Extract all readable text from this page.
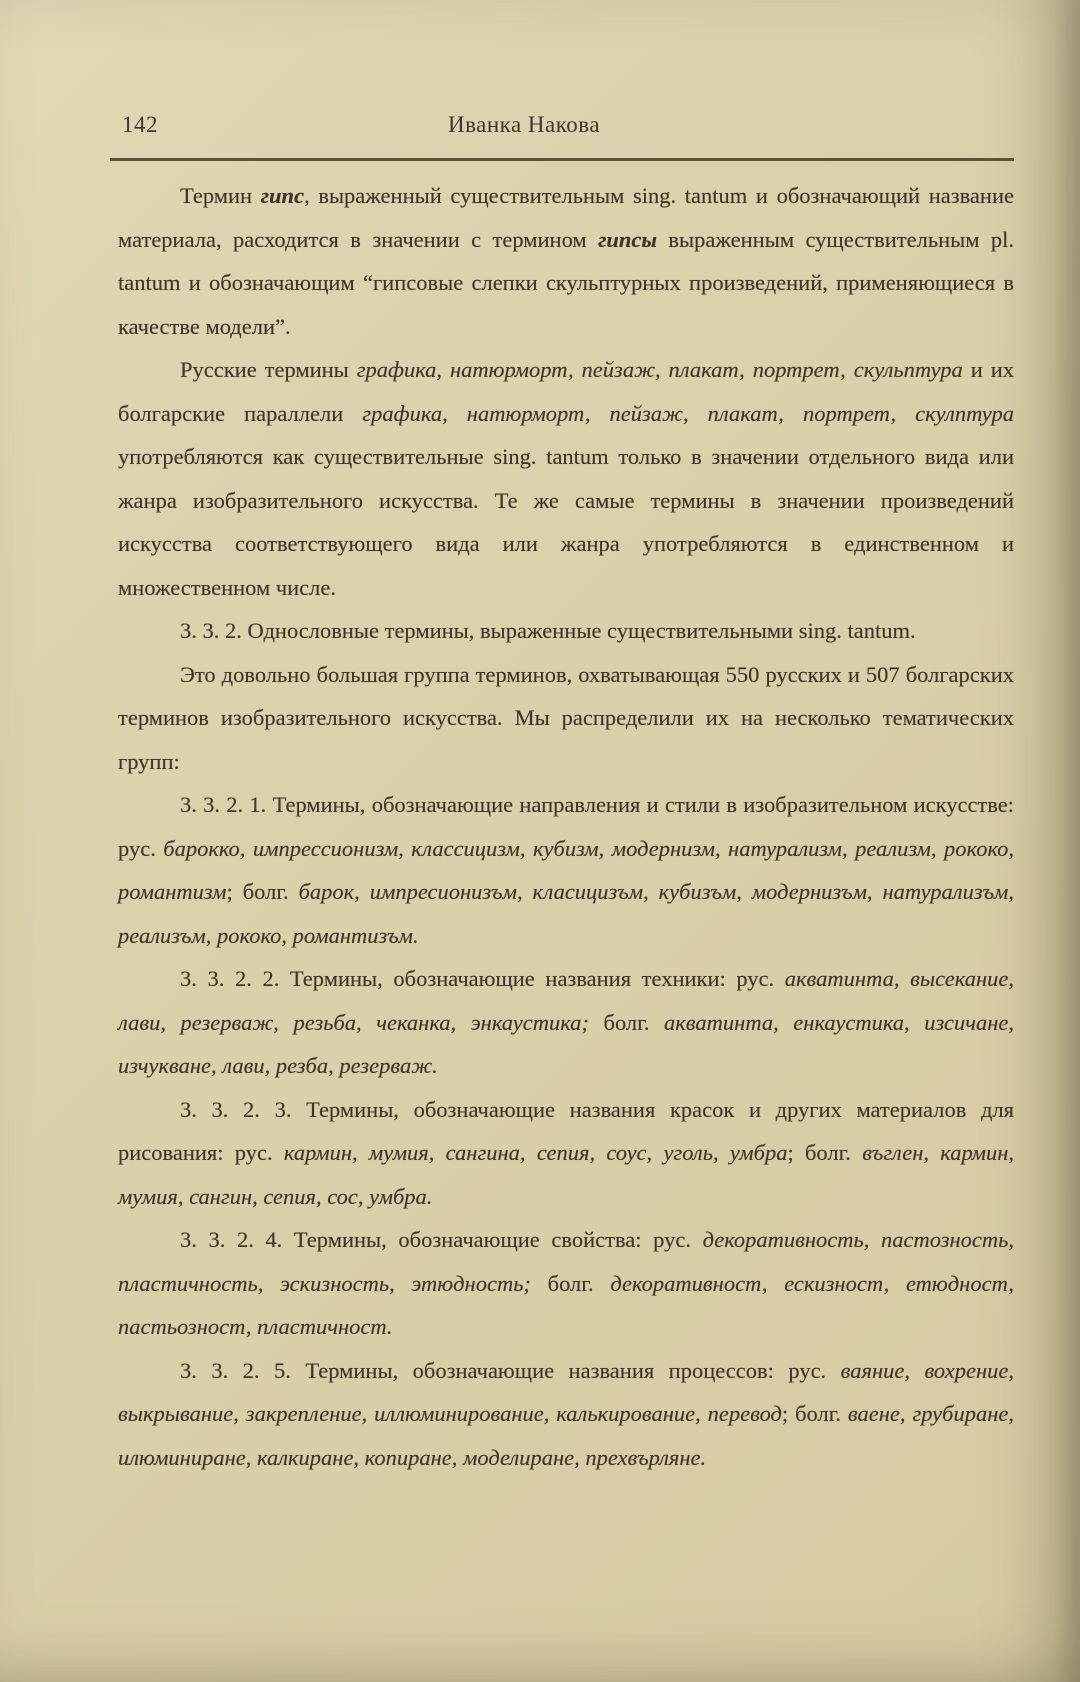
142	Иванка Накова

Термин гипс, выраженный существительным sing. tantum и обозначающий название материала, расходится в значении с термином гипсы выраженным существительным pl. tantum и обозначающим “гипсовые слепки скульптурных произведений, применяющиеся в качестве модели”.

Русские термины графика, натюрморт, пейзаж, плакат, портрет, скульптура и их болгарские параллели графика, натюрморт, пейзаж, плакат, портрет, скулптура употребляются как существительные sing. tantum только в значении отдельного вида или жанра изобразительного искусства. Те же самые термины в значении произведений искусства соответствующего вида или жанра употребляются в единственном и множественном числе.

3. 3. 2. Однословные термины, выраженные существительными sing. tantum.

Это довольно большая группа терминов, охватывающая 550 русских и 507 болгарских терминов изобразительного искусства. Мы распределили их на несколько тематических групп:

3. 3. 2. 1. Термины, обозначающие направления и стили в изобразительном искусстве: рус. барокко, импрессионизм, классицизм, кубизм, модернизм, натурализм, реализм, рококо, романтизм; болг. барок, импресионизъм, класицизъм, кубизъм, модернизъм, натурализъм, реализъм, рококо, романтизъм.

3. 3. 2. 2. Термины, обозначающие названия техники: рус. акватинта, высекание, лави, резерваж, резьба, чеканка, энкаустика; болг. акватинта, енкаустика, изсичане, изчукване, лави, резба, резерваж.

3. 3. 2. 3. Термины, обозначающие названия красок и других материалов для рисования: рус. кармин, мумия, сангина, сепия, соус, уголь, умбра; болг. въглен, кармин, мумия, сангин, сепия, сос, умбра.

3. 3. 2. 4. Термины, обозначающие свойства: рус. декоративность, пастозность, пластичность, эскизность, этюдность; болг. декоративност, ескизност, етюдност, пастьозност, пластичност.

3. 3. 2. 5. Термины, обозначающие названия процессов: рус. ваяние, вохрение, выкрывание, закрепление, иллюминирование, калькирование, перевод; болг. ваене, грубиране, илюминиране, калкиране, копиране, моделиране, прехвърляне.
